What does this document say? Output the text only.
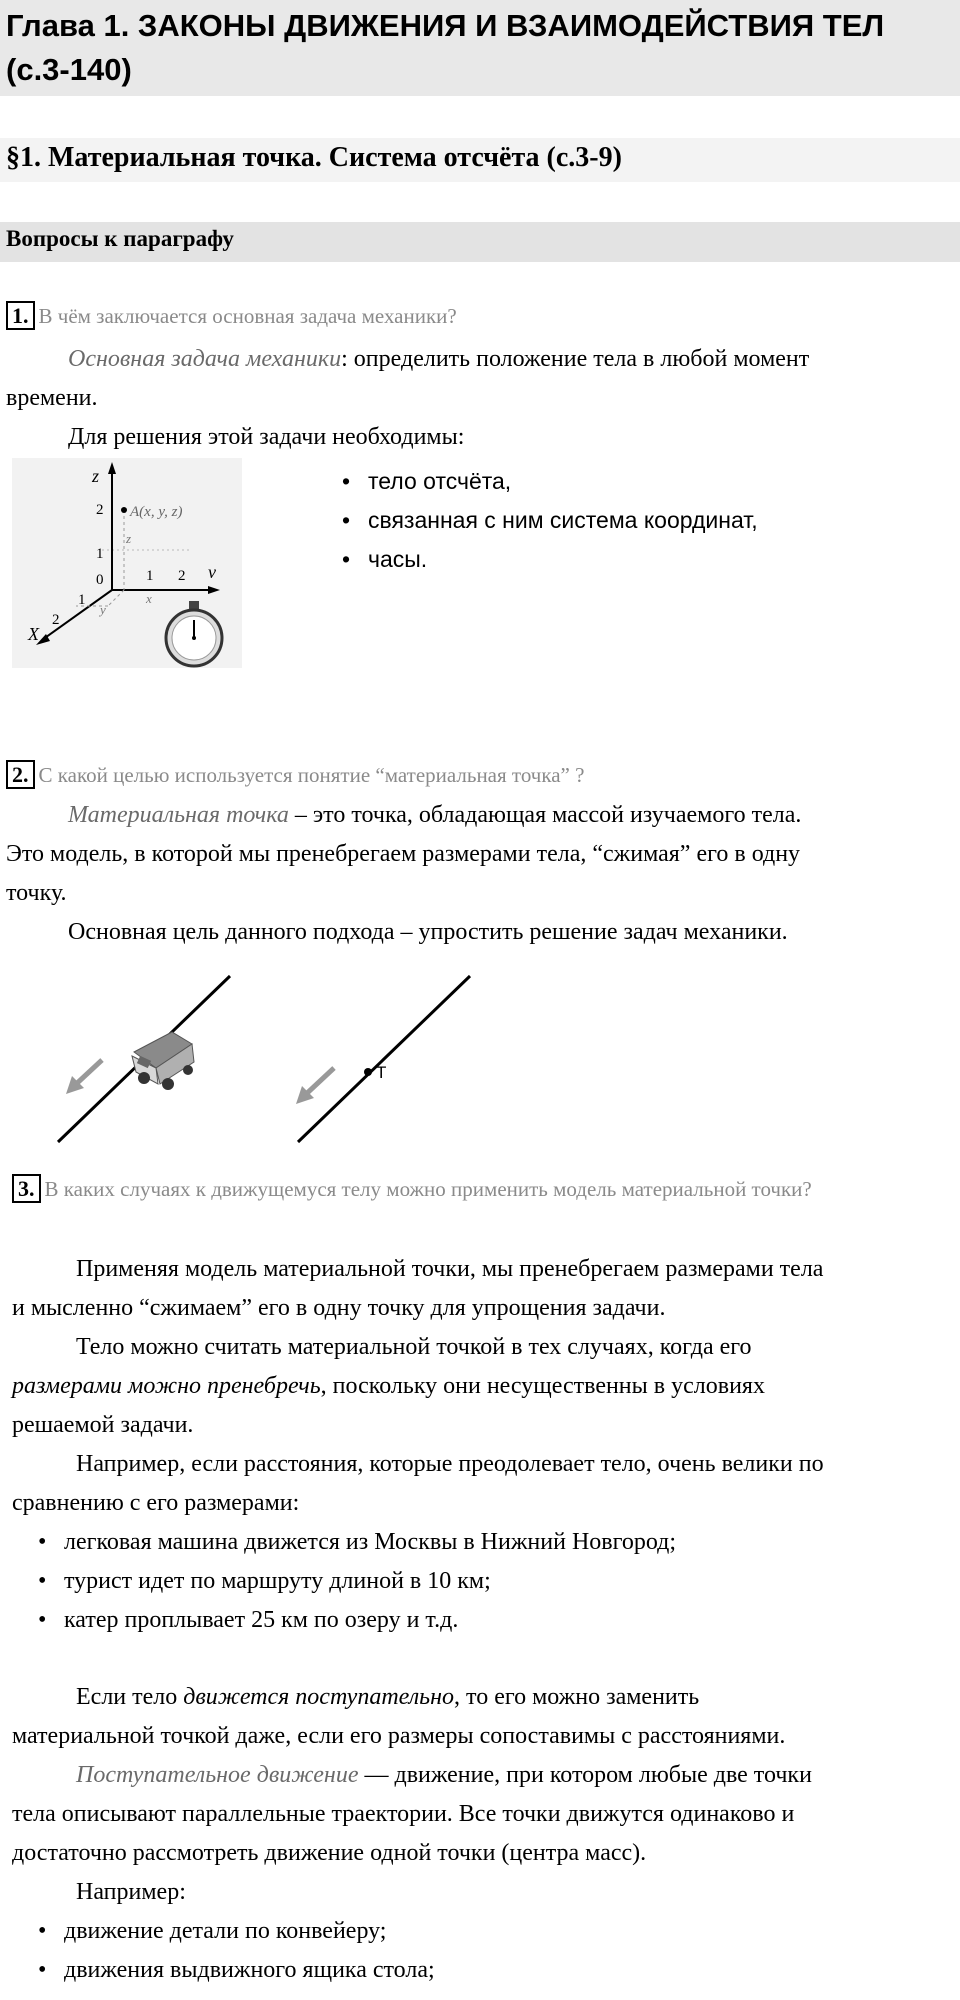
Глава 1. ЗАКОНЫ ДВИЖЕНИЯ И ВЗАИМОДЕЙСТВИЯ ТЕЛ (с.3-140)
§1. Материальная точка. Система отсчёта (с.3-9)
Вопросы к параграфу
1. В чём заключается основная задача механики?
Основная задача механики: определить положение тела в любой момент
времени.
Для решения этой задачи необходимы:
A(x, y, z)
z
v
X
2
1
0	1 2
1
2
z
x
y
• тело отсчёта,
• связанная с ним система координат,
• часы.
2. С какой целью используется понятие “материальная точка” ?
Материальная точка – это точка, обладающая массой изучаемого тела.
Это модель, в которой мы пренебрегаем размерами тела, “сжимая” его в одну
точку.
Основная цель данного подхода – упростить решение задач механики.
T
3. В каких случаях к движущемуся телу можно применить модель материальной точки?
Применяя модель материальной точки, мы пренебрегаем размерами тела
и мысленно “сжимаем” его в одну точку для упрощения задачи.
Тело можно считать материальной точкой в тех случаях, когда его
размерами можно пренебречь, поскольку они несущественны в условиях
решаемой задачи.
Например, если расстояния, которые преодолевает тело, очень велики по
сравнению с его размерами:
• легковая машина движется из Москвы в Нижний Новгород;
• турист идет по маршруту длиной в 10 км;
• катер проплывает 25 км по озеру и т.д.
Если тело движется поступательно, то его можно заменить
материальной точкой даже, если его размеры сопоставимы с расстояниями.
Поступательное движение — движение, при котором любые две точки
тела описывают параллельные траектории. Все точки движутся одинаково и
достаточно рассмотреть движение одной точки (центра масс).
Например:
• движение детали по конвейеру;
• движения выдвижного ящика стола;
